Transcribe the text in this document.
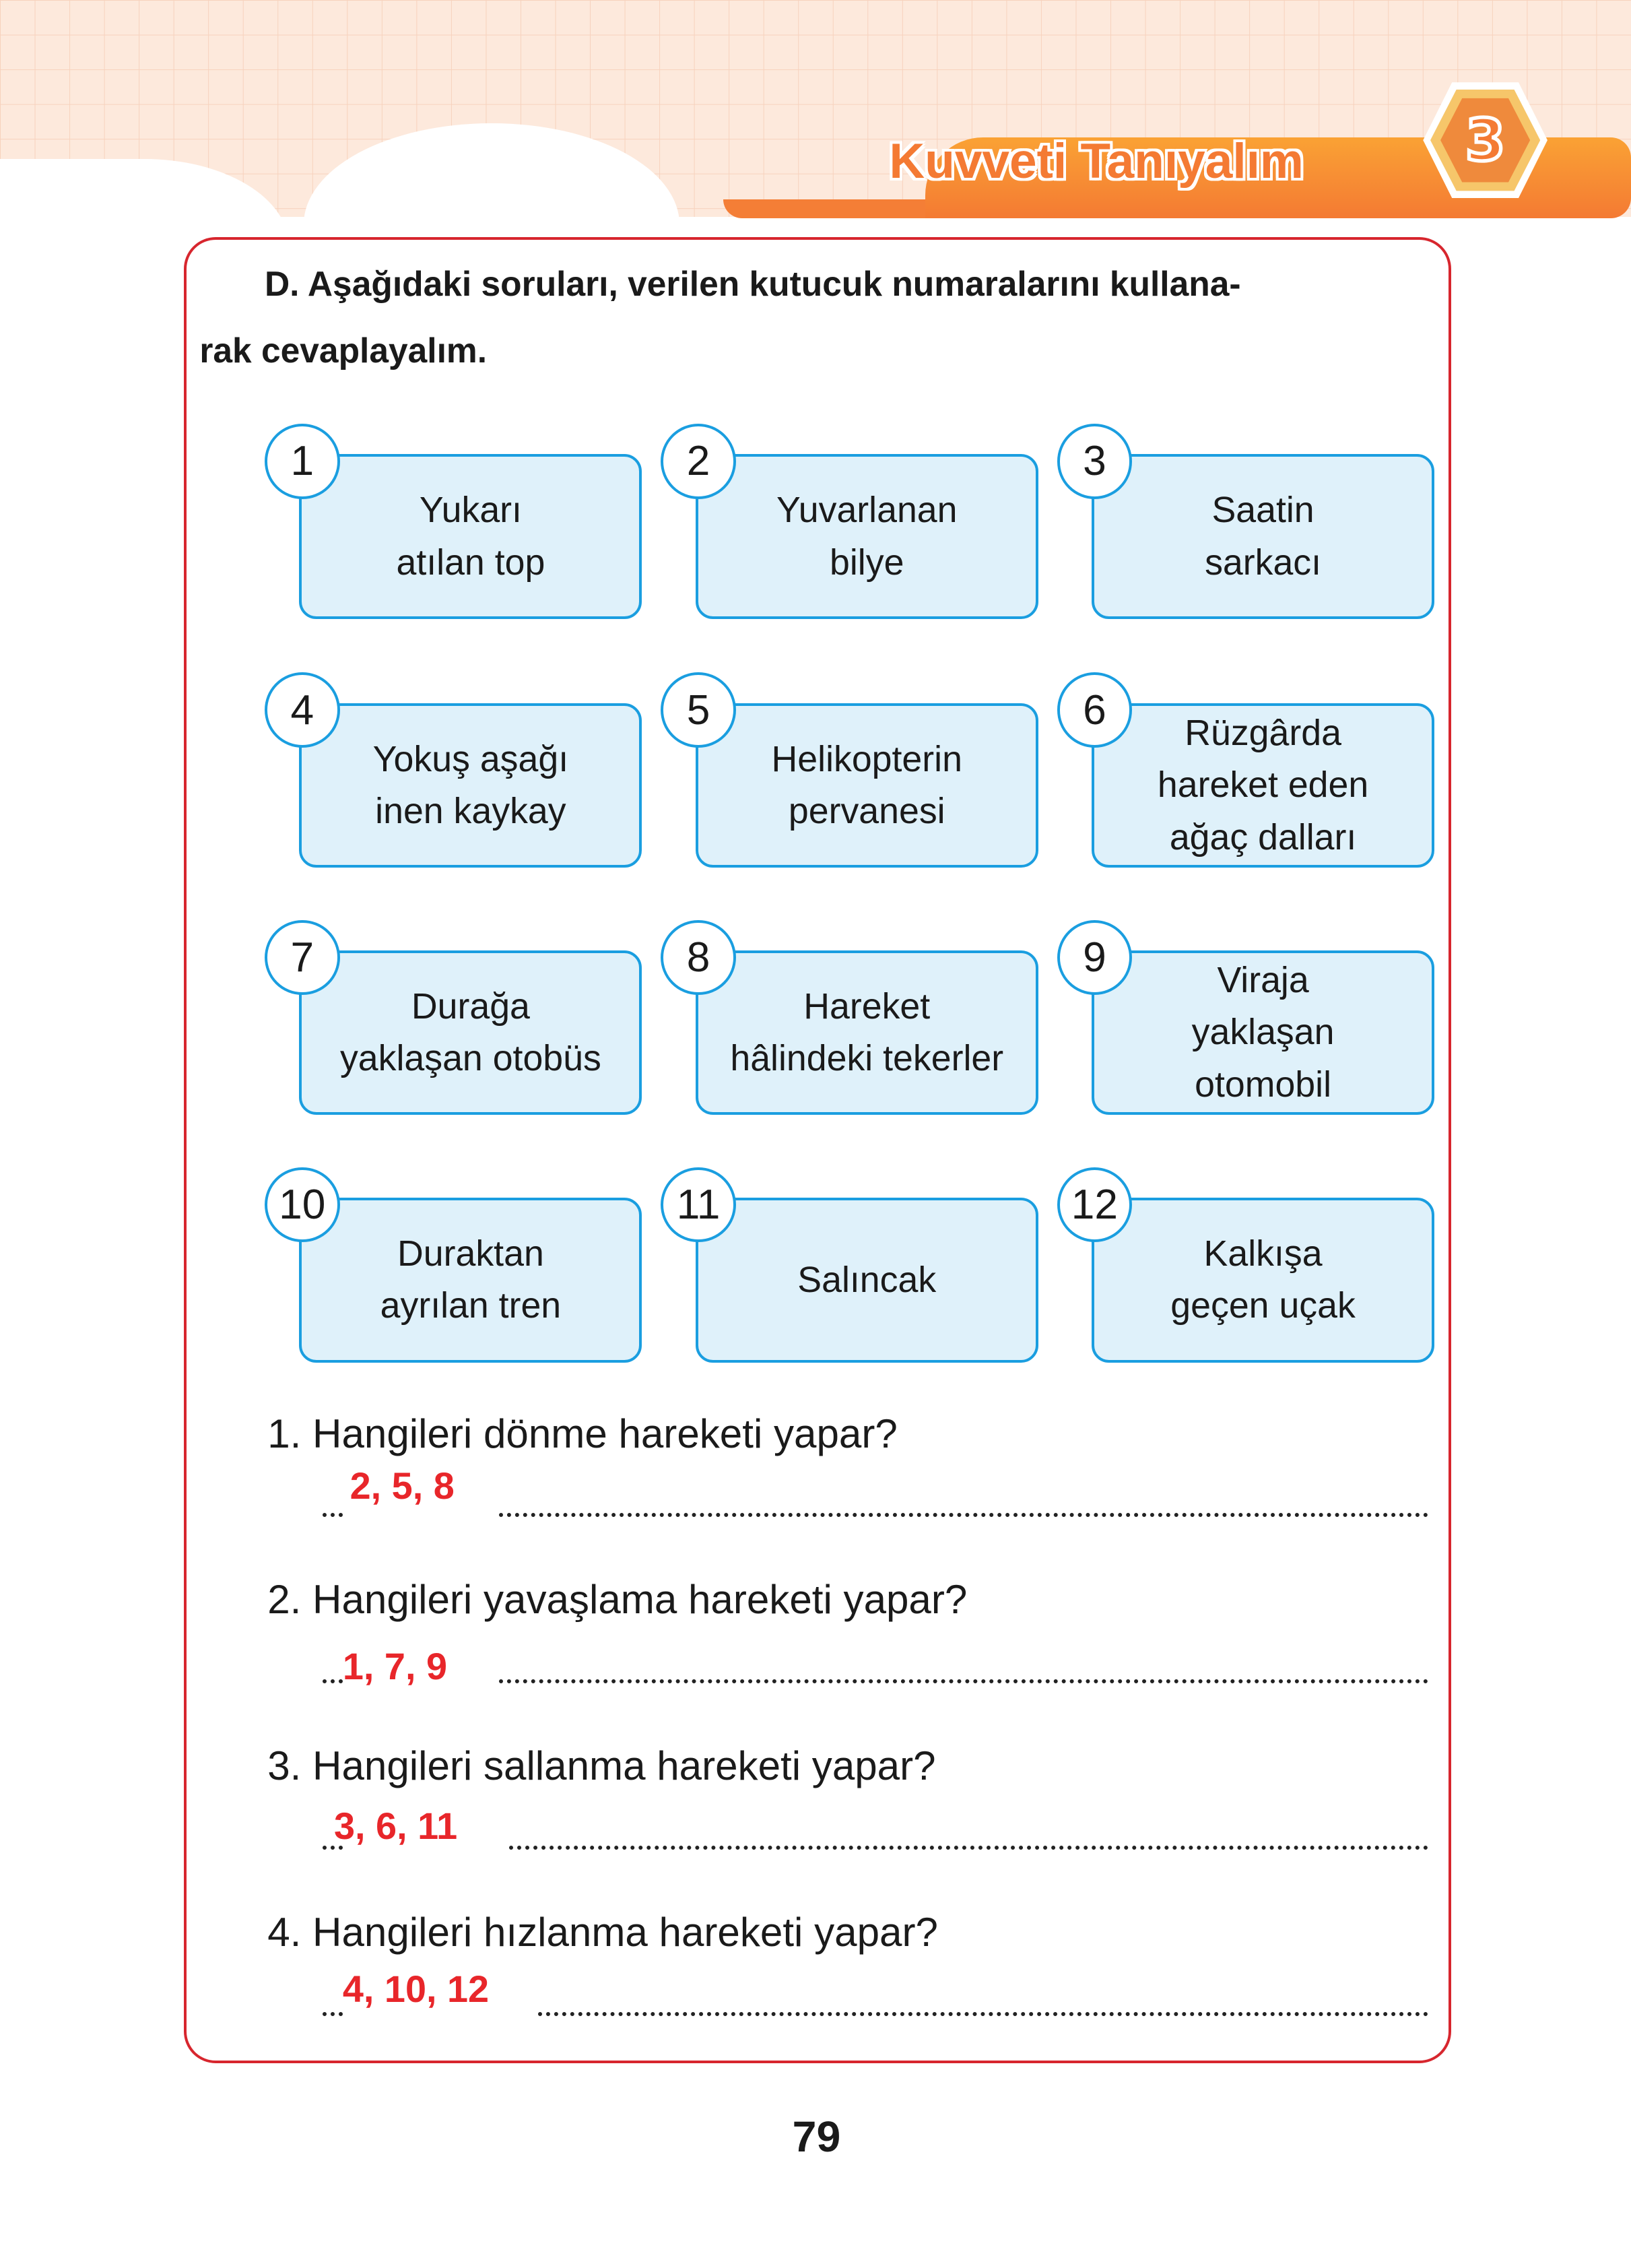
Kuvveti Tanıyalım	3
D. Aşağıdaki soruları, verilen kutucuk numaralarını kullana-
rak cevaplayalım.
Yukarı
atılan top
1
Yuvarlanan
bilye
2
Saatin
sarkacı
3
Yokuş aşağı
inen kaykay
4
Helikopterin
pervanesi
5	Rüzgârda
hareket eden
ağaç dalları
6
Durağa
yaklaşan otobüs
7
Hareket
hâlindeki tekerler
8	Viraja
yaklaşan
otomobil
9
Duraktan
ayrılan tren
10
Salıncak
11
Kalkışa
geçen uçak
12
1. Hangileri dönme hareketi yapar?
2, 5, 8
2. Hangileri yavaşlama hareketi yapar?
1, 7, 9
3. Hangileri sallanma hareketi yapar?
3, 6, 11
4. Hangileri hızlanma hareketi yapar?
4, 10, 12
79
